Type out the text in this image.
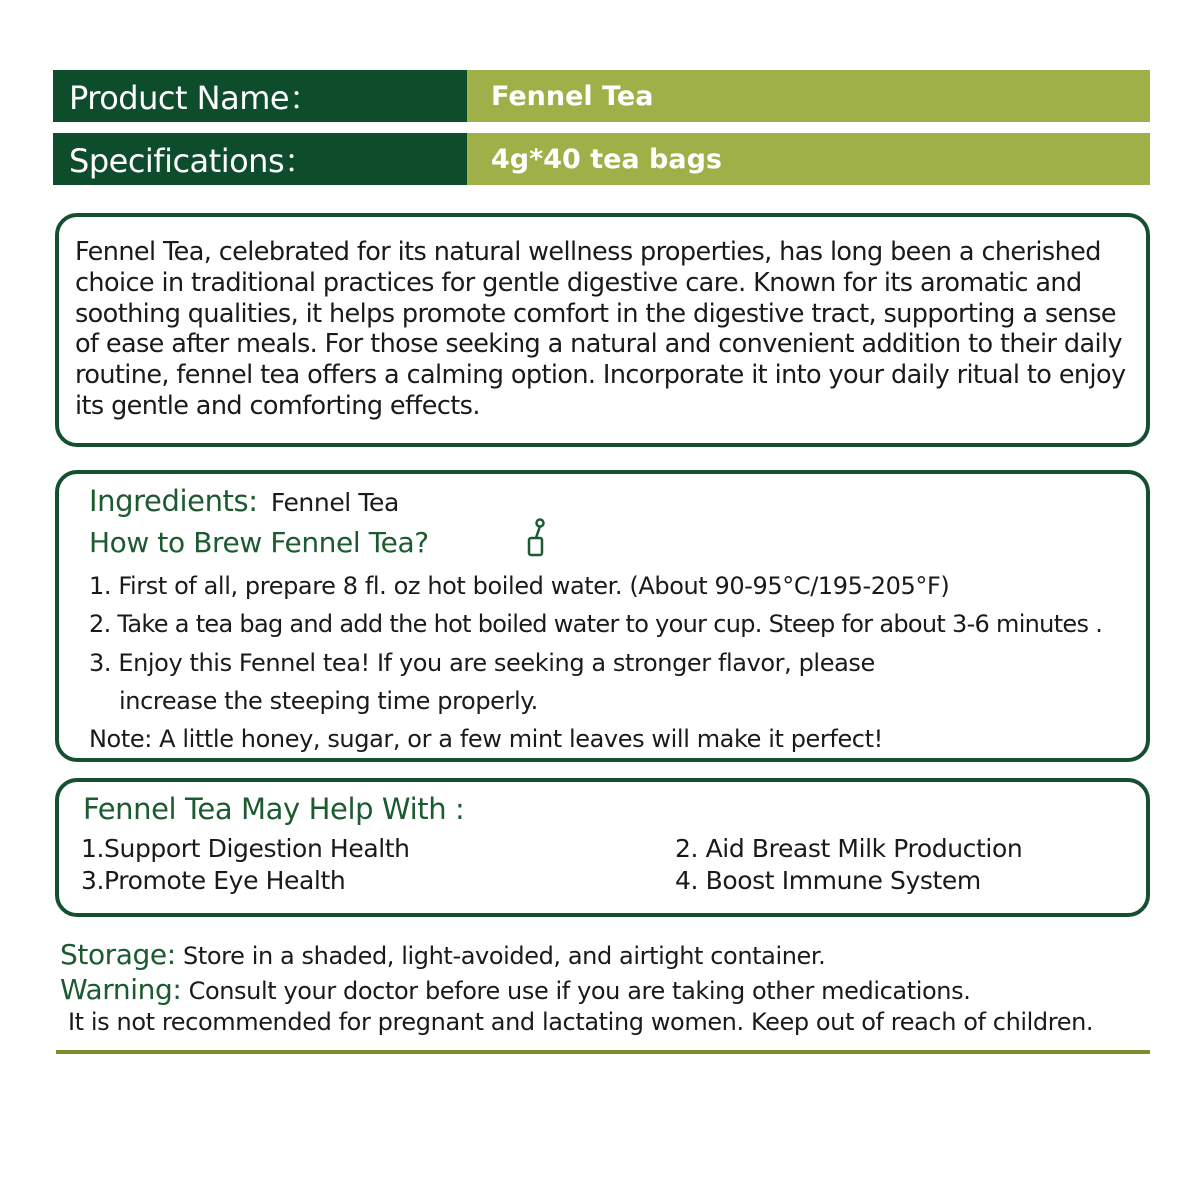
Product Name：	Fennel Tea
Specifications：	4g*40 tea bags
Fennel Tea, celebrated for its natural wellness properties, has long been a cherished choice in traditional practices for gentle digestive care. Known for its aromatic and soothing qualities, it helps promote comfort in the digestive tract, supporting a sense of ease after meals. For those seeking a natural and convenient addition to their daily routine, fennel tea offers a calming option. Incorporate it into your daily ritual to enjoy its gentle and comforting effects.
Ingredients: Fennel Tea
How to Brew Fennel Tea?
1. First of all, prepare 8 fl. oz hot boiled water. (About 90-95°C/195-205°F)
2. Take a tea bag and add the hot boiled water to your cup. Steep for about 3-6 minutes .
3. Enjoy this Fennel tea! If you are seeking a stronger flavor, please
increase the steeping time properly.
Note: A little honey, sugar, or a few mint leaves will make it perfect!
Fennel Tea May Help With :
1.Support Digestion Health	2. Aid Breast Milk Production
3.Promote Eye Health	4. Boost Immune System
Storage: Store in a shaded, light-avoided, and airtight container.
Warning: Consult your doctor before use if you are taking other medications.
It is not recommended for pregnant and lactating women. Keep out of reach of children.
